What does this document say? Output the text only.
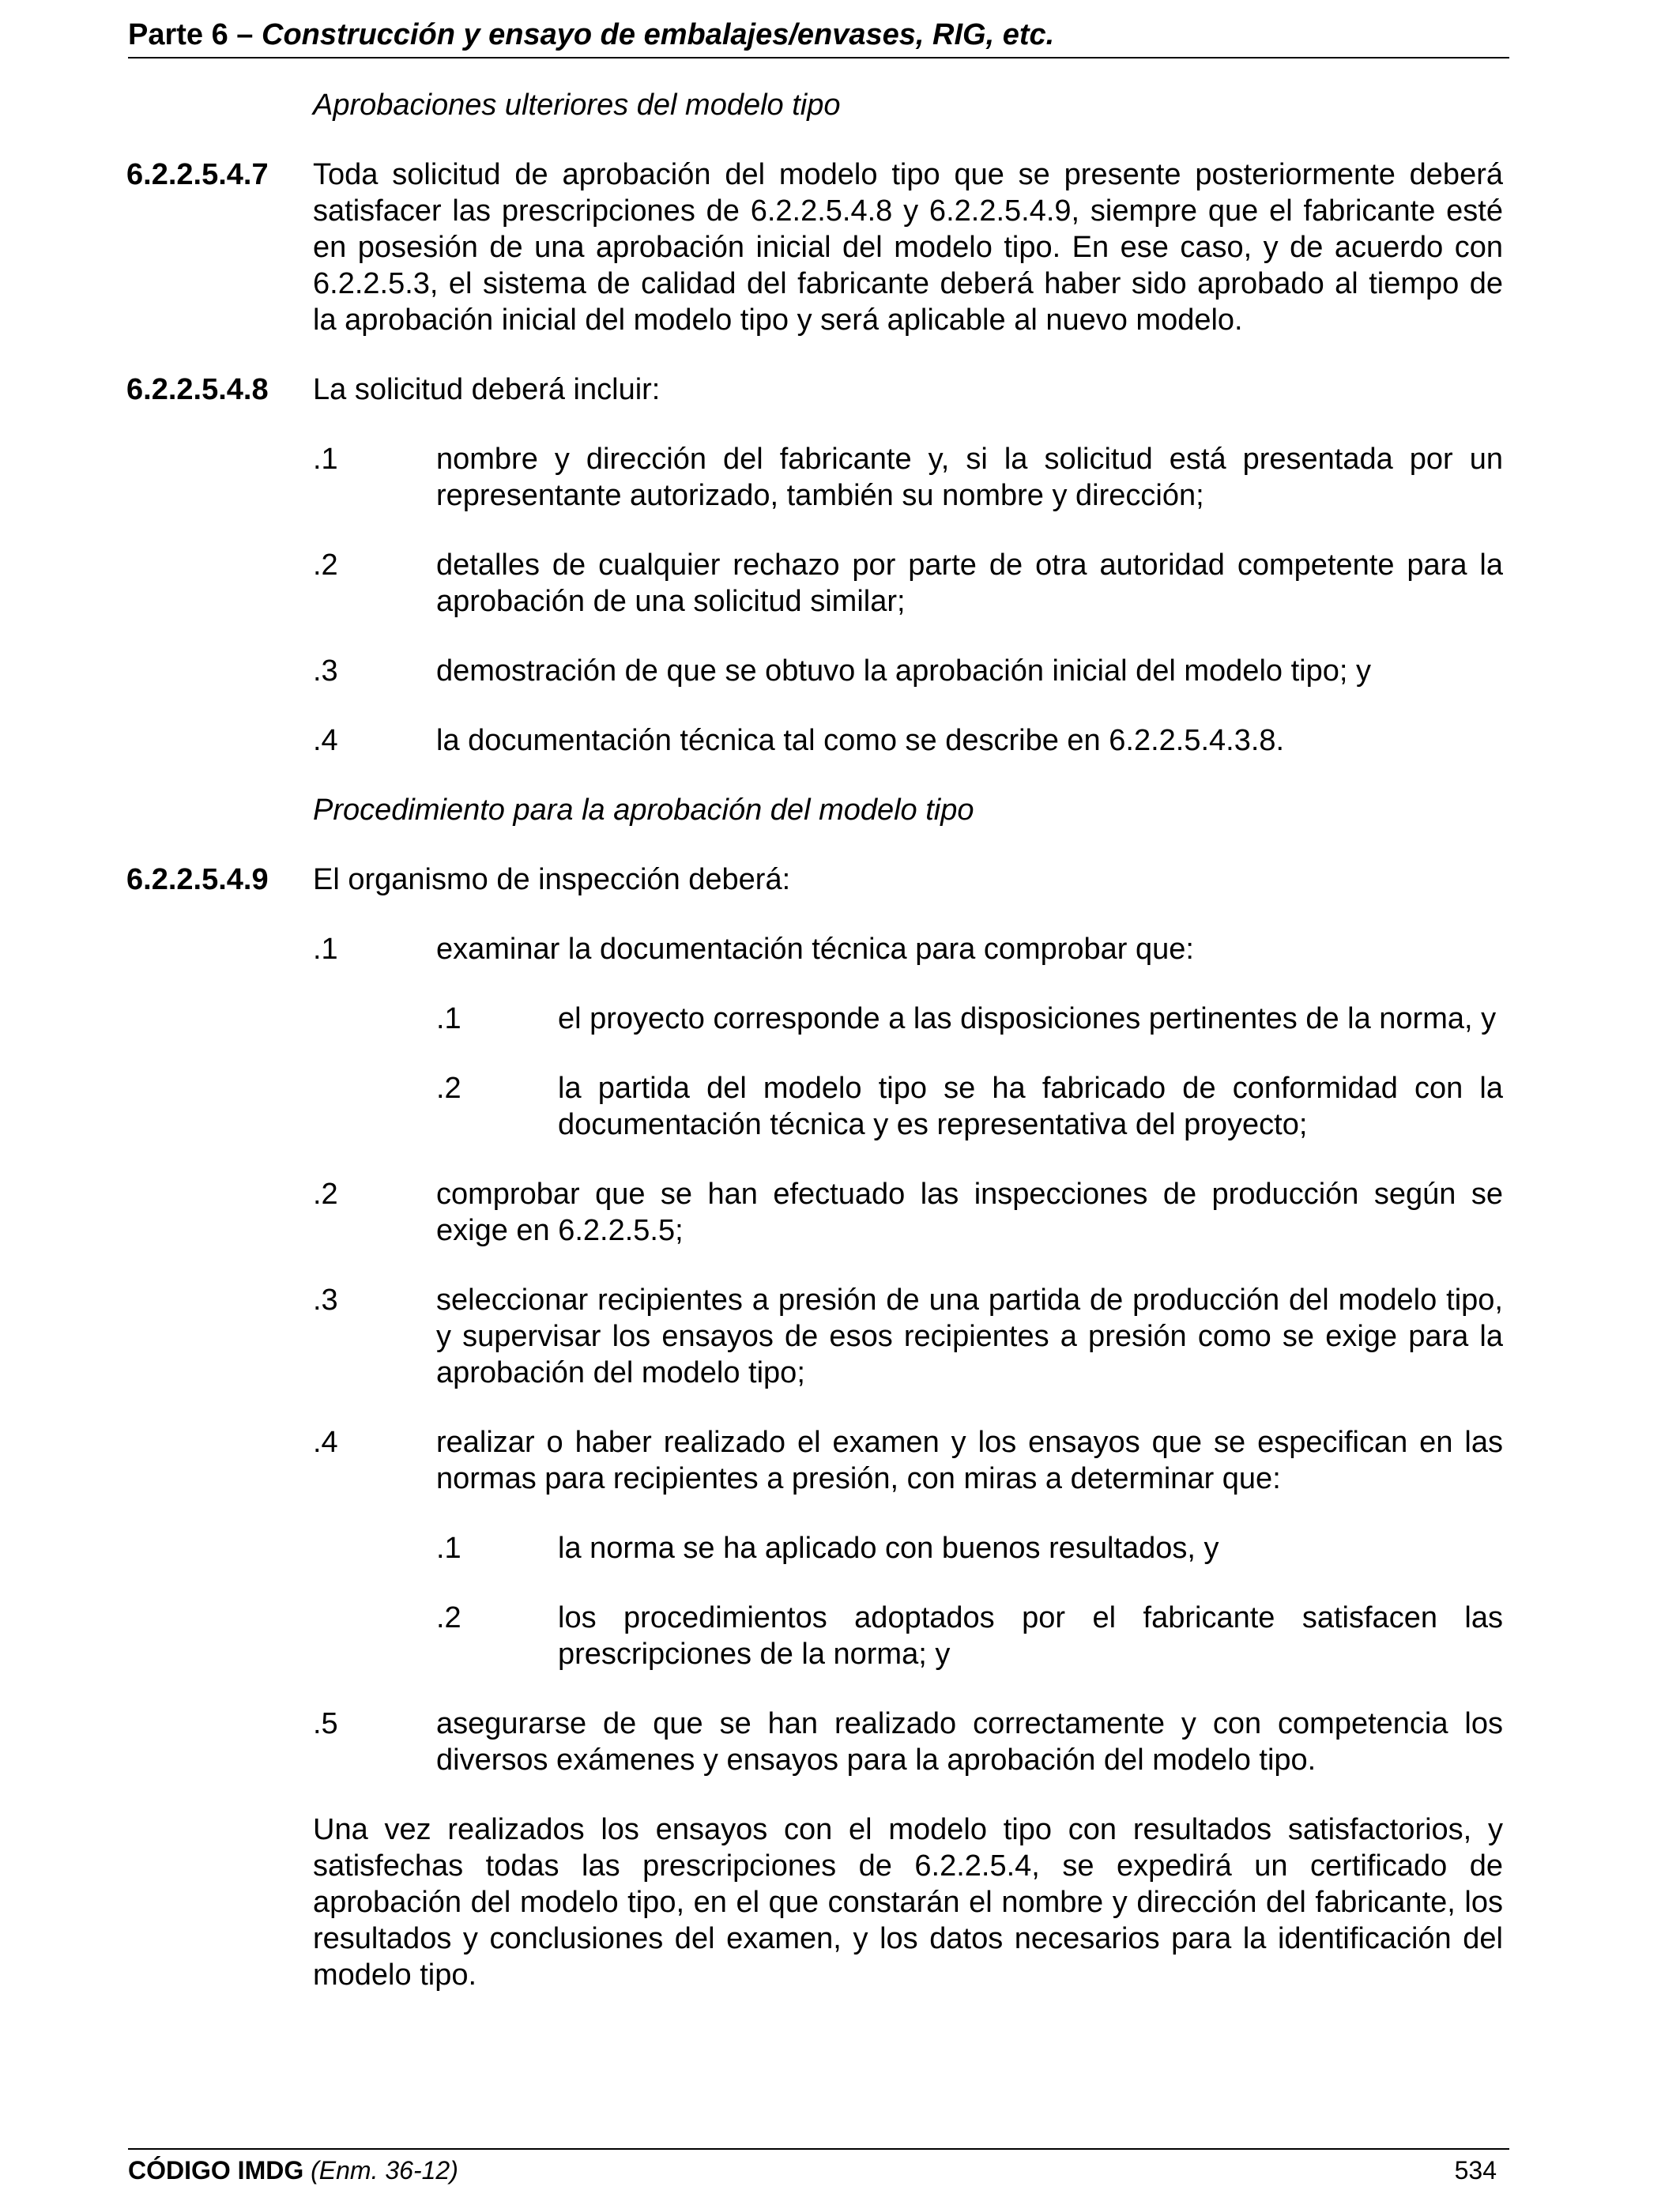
Parte 6 – Construcción y ensayo de embalajes/envases, RIG, etc.
Aprobaciones ulteriores del modelo tipo
6.2.2.5.4.7 Toda solicitud de aprobación del modelo tipo que se presente posteriormente deberá satisfacer las prescripciones de 6.2.2.5.4.8 y 6.2.2.5.4.9, siempre que el fabricante esté en posesión de una aprobación inicial del modelo tipo. En ese caso, y de acuerdo con 6.2.2.5.3, el sistema de calidad del fabricante deberá haber sido aprobado al tiempo de la aprobación inicial del modelo tipo y será aplicable al nuevo modelo.
6.2.2.5.4.8 La solicitud deberá incluir:
.1	nombre y dirección del fabricante y, si la solicitud está presentada por un representante autorizado, también su nombre y dirección;
.2	detalles de cualquier rechazo por parte de otra autoridad competente para la aprobación de una solicitud similar;
.3	demostración de que se obtuvo la aprobación inicial del modelo tipo; y
.4	la documentación técnica tal como se describe en 6.2.2.5.4.3.8.
Procedimiento para la aprobación del modelo tipo
6.2.2.5.4.9 El organismo de inspección deberá:
.1	examinar la documentación técnica para comprobar que:
.1	el proyecto corresponde a las disposiciones pertinentes de la norma, y
.2	la partida del modelo tipo se ha fabricado de conformidad con la documentación técnica y es representativa del proyecto;
.2	comprobar que se han efectuado las inspecciones de producción según se exige en 6.2.2.5.5;
.3	seleccionar recipientes a presión de una partida de producción del modelo tipo, y supervisar los ensayos de esos recipientes a presión como se exige para la aprobación del modelo tipo;
.4	realizar o haber realizado el examen y los ensayos que se especifican en las normas para recipientes a presión, con miras a determinar que:
.1	la norma se ha aplicado con buenos resultados, y
.2	los procedimientos adoptados por el fabricante satisfacen las prescripciones de la norma; y
.5	asegurarse de que se han realizado correctamente y con competencia los diversos exámenes y ensayos para la aprobación del modelo tipo.
Una vez realizados los ensayos con el modelo tipo con resultados satisfactorios, y satisfechas todas las prescripciones de 6.2.2.5.4, se expedirá un certificado de aprobación del modelo tipo, en el que constarán el nombre y dirección del fabricante, los resultados y conclusiones del examen, y los datos necesarios para la identificación del modelo tipo.
CÓDIGO IMDG (Enm. 36-12)	534
